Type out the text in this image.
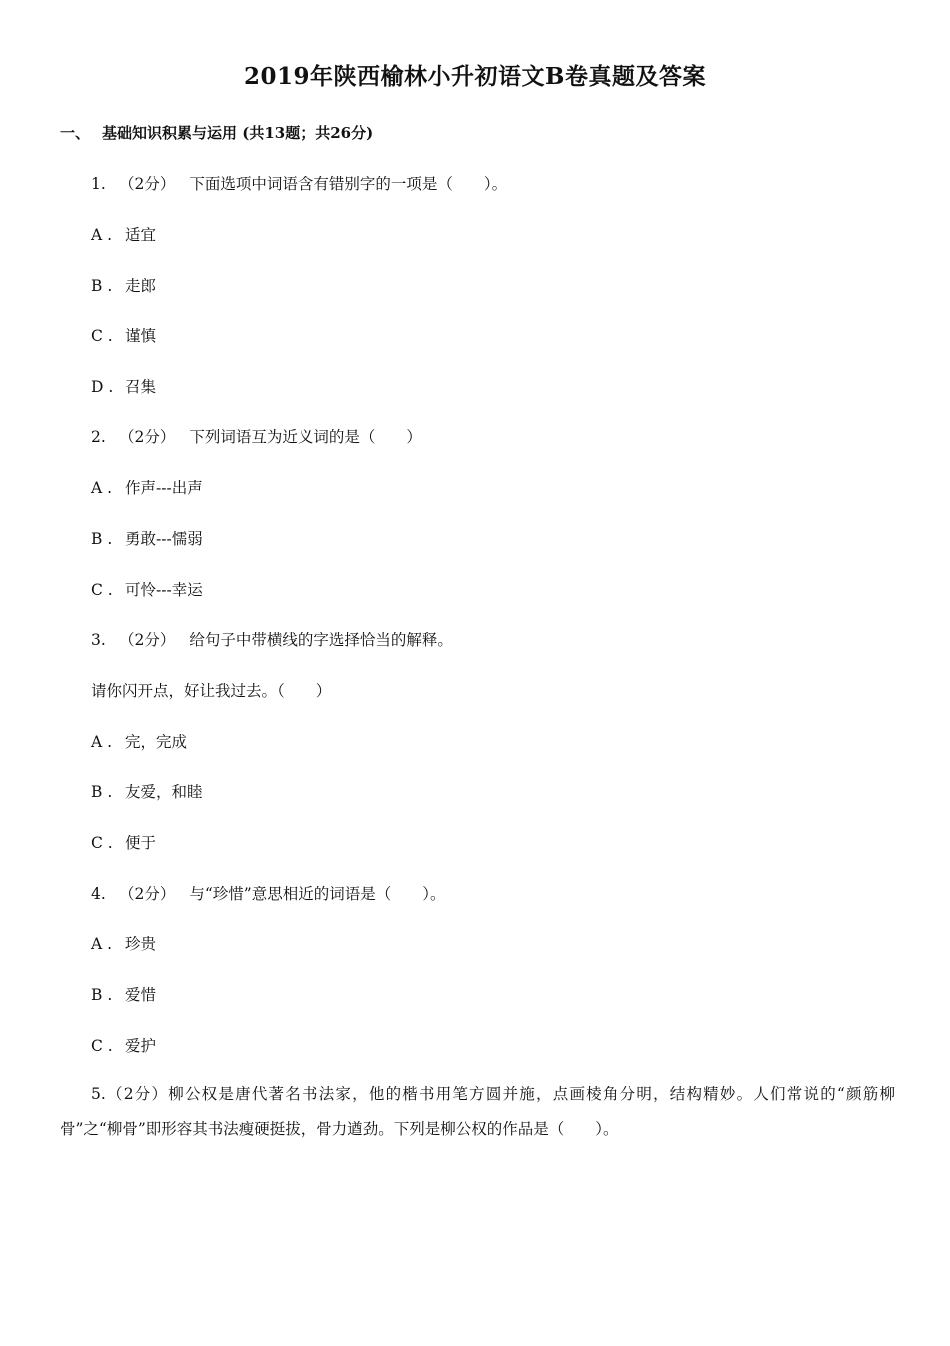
2019年陕西榆林小升初语文B卷真题及答案
一、 基础知识积累与运用 (共13题；共26分)
1. （2分） 下面选项中词语含有错别字的一项是（　　）。
A . 适宜
B . 走郎
C . 谨慎
D . 召集
2. （2分） 下列词语互为近义词的是（　　）
A . 作声---出声
B . 勇敢---懦弱
C . 可怜---幸运
3. （2分） 给句子中带横线的字选择恰当的解释。
请你闪开点，好让我过去。（　　）
A . 完，完成
B . 友爱，和睦
C . 便于
4. （2分） 与“珍惜”意思相近的词语是（　　）。
A . 珍贵
B . 爱惜
C . 爱护
5.（2分）柳公权是唐代著名书法家，他的楷书用笔方圆并施，点画棱角分明，结构精妙。人们常说的“颜筋柳骨”之“柳骨”即形容其书法瘦硬挺拔，骨力遒劲。下列是柳公权的作品是（　　）。
